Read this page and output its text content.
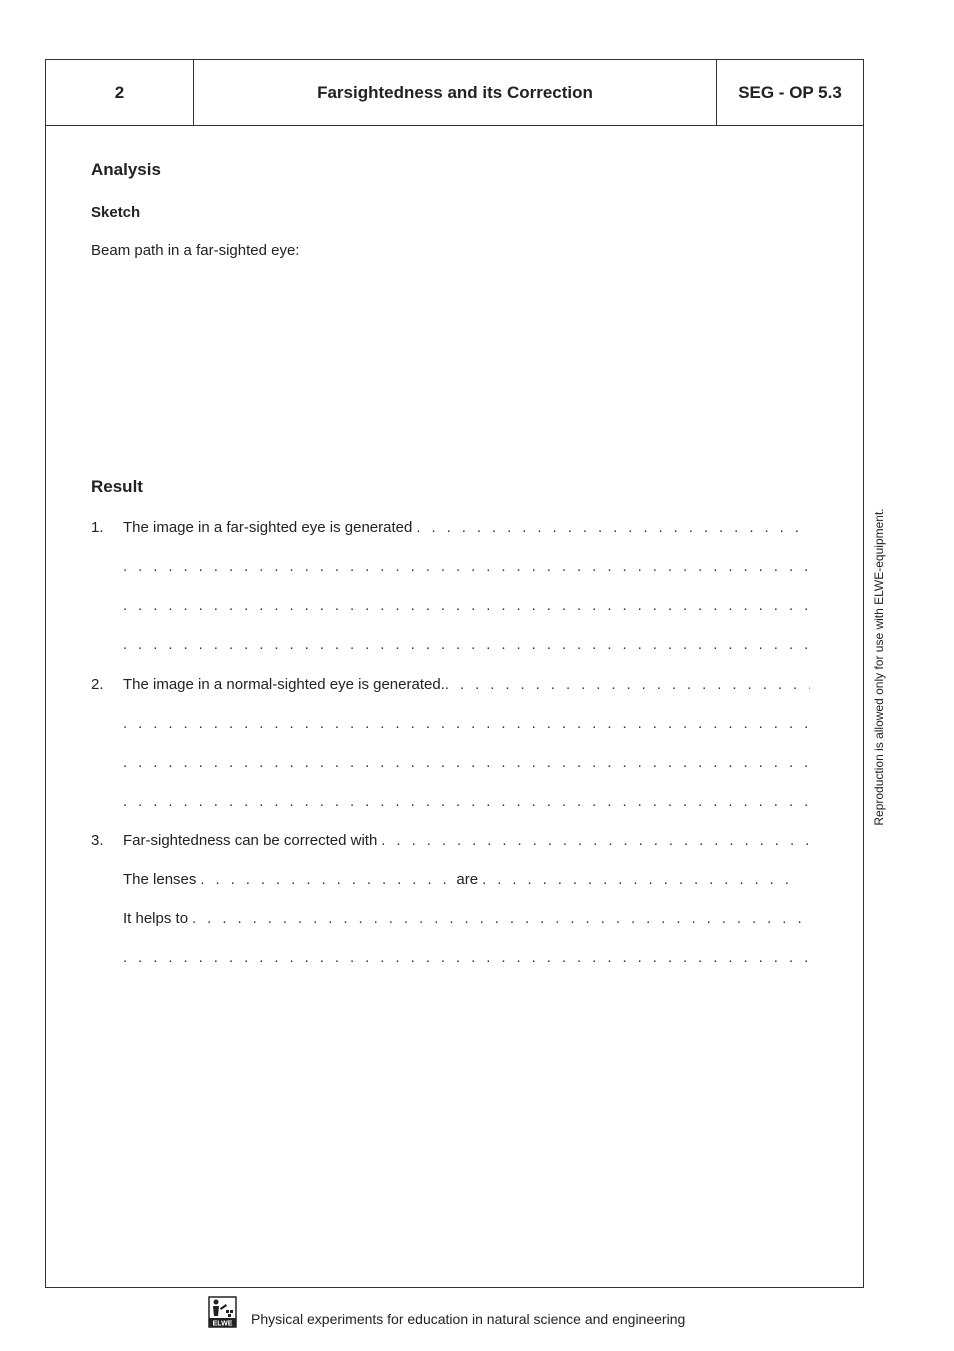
2	Farsightedness and its Correction	SEG - OP 5.3
Analysis
Sketch
Beam path in a far-sighted eye:
Result
1.	The image in a far-sighted eye is generated
. . .
. . .
. . .
. . .
2.	The image in a normal-sighted eye is generated.
. . .
. . .
. . .
. . .
3.	Far-sightedness can be corrected with
. . .
The lenses
. . .	are
. . .
It helps to
. . .
. . .
Reproduction is allowed only for use with ELWE-equipment.
ELWE Physical experiments for education in natural science and engineering
